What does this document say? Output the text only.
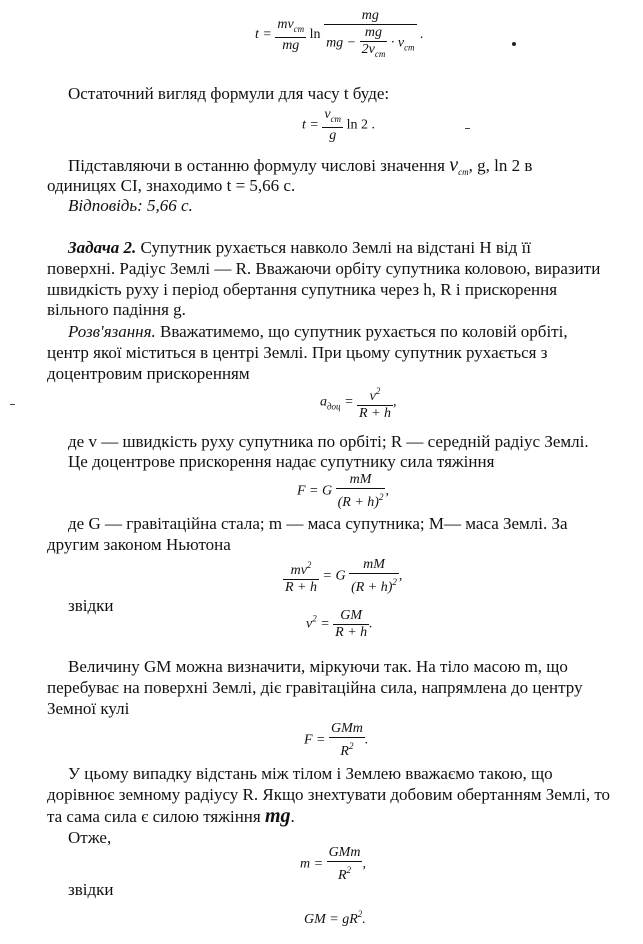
$t = \frac{mv_{ст}}{mg}$ $\ln \frac{mg}{mg - \frac{mg}{2v_{ст}} \cdot v_{ст}}$ .
Остаточний вигляд формули для часу t буде:
$t = \frac{v_{ст}}{g}$ ln 2 .
Підставляючи в останню формулу числові значення $v_{ст}$, g, ln 2 в
одиницях СІ, знаходимо t = 5,66 с.
Відповідь: 5,66 с.
Задача 2. Супутник рухається навколо Землі на відстані H від її
поверхні. Радіус Землі — R. Вважаючи орбіту супутника коловою, виразити
швидкість руху і період обертання супутника через h, R і прискорення
вільного падіння g.
Розв'язання. Вважатимемо, що супутник рухається по коловій орбіті,
центр якої міститься в центрі Землі. При цьому супутник рухається з
доцентровим прискоренням
$a_{доц} = \frac{v^2}{R + h}$ ,
де v — швидкість руху супутника по орбіті; R — середній радіус Землі.
Це доцентрове прискорення надає супутнику сила тяжіння
F = G $\frac{mM}{(R + h)^2}$ ,
де G — гравітаційна стала; m — маса супутника; M— маса Землі. За
другим законом Ньютона
$\frac{mv^2}{R + h} = G \frac{mM}{(R + h)^2}$ ,
звідки
$v^2 = \frac{GM}{R + h}$ .
Величину GM можна визначити, міркуючи так. На тіло масою m, що
перебуває на поверхні Землі, діє гравітаційна сила, напрямлена до центру
Земної кулі
$F = \frac{\text{GMm}}{R^2}$ .
У цьому випадку відстань між тілом і Землею вважаємо такою, що
дорівнює земному радіусу R. Якщо знехтувати добовим обертанням Землі, то
та сама сила є силою тяжіння mg.
Отже,
$m = \frac{\text{GMm}}{R^2}$ ,
звідки
GM = $gR^2$.
